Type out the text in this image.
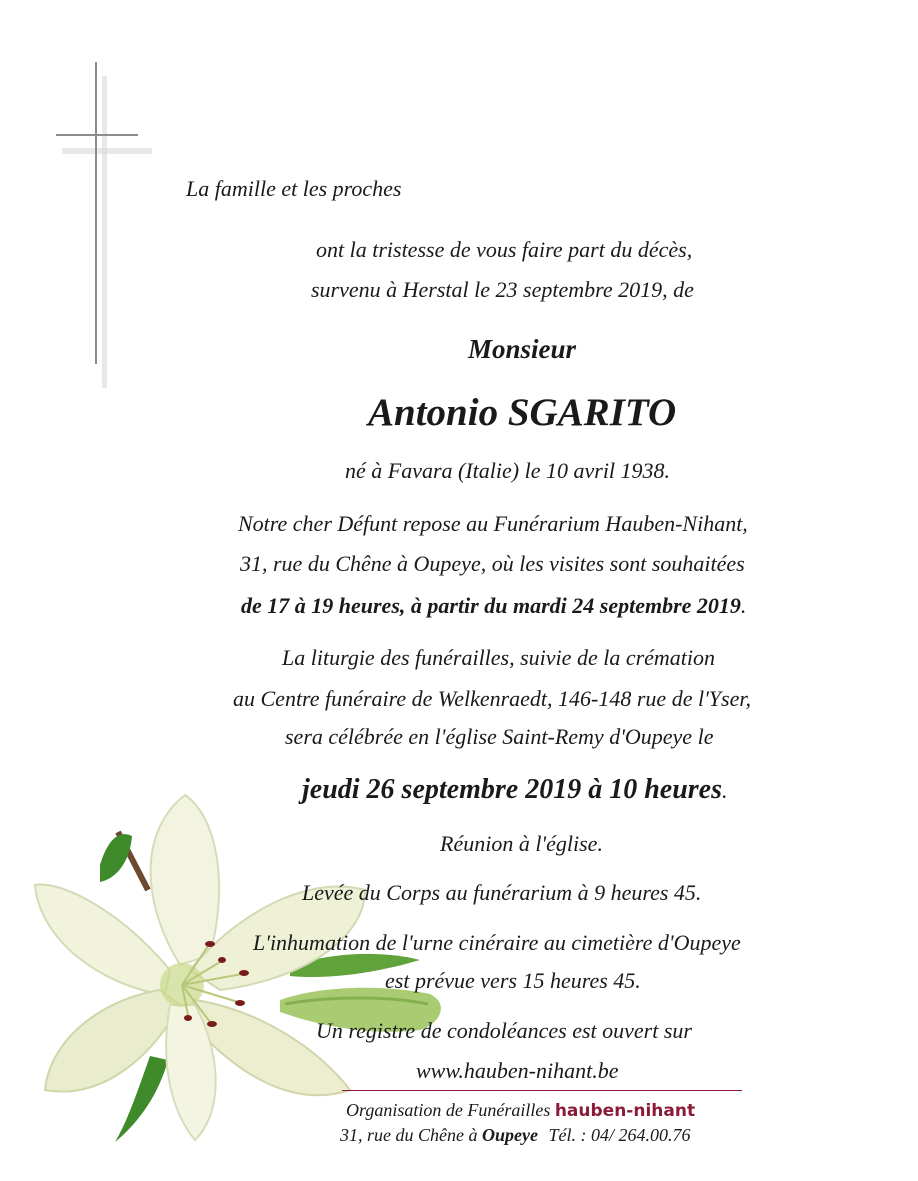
La famille et les proches
ont la tristesse de vous faire part du décès,
survenu à Herstal le 23 septembre 2019, de
Monsieur
Antonio SGARITO
né à Favara (Italie) le 10 avril 1938.
Notre cher Défunt repose au Funérarium Hauben-Nihant,
31, rue du Chêne à Oupeye, où les visites sont souhaitées
de 17 à 19 heures, à partir du mardi 24 septembre 2019.
La liturgie des funérailles, suivie de la crémation
au Centre funéraire de Welkenraedt, 146-148 rue de l'Yser,
sera célébrée en l'église Saint-Remy d'Oupeye le
jeudi 26 septembre 2019 à 10 heures.
Réunion à l'église.
Levée du Corps au funérarium à 9 heures 45.
L'inhumation de l'urne cinéraire au cimetière d'Oupeye
est prévue vers 15 heures 45.
Un registre de condoléances est ouvert sur
www.hauben-nihant.be
Organisation de Funérailles hauben-nihant
31, rue du Chêne à Oupeye Tél. : 04/ 264.00.76
